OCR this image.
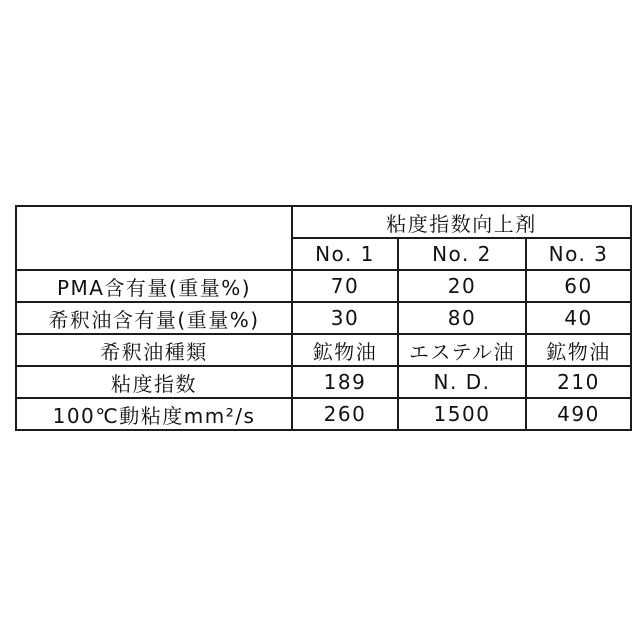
	粘度指数向上剤		
	No. 1	No. 2	No. 3
PMA含有量(重量%)	70	20	60
希釈油含有量(重量%)	30	80	40
希釈油種類	鉱物油	エステル油	鉱物油
粘度指数	189	N. D.	210
100℃動粘度mm²/s	260	1500	490
